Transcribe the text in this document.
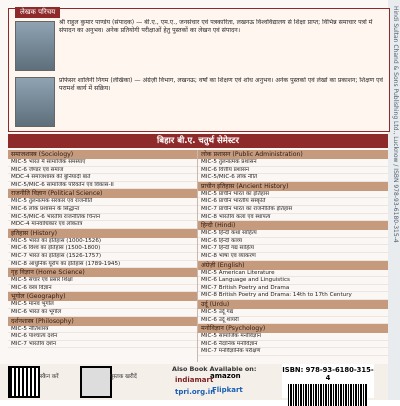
Hindi Sultan Chand & Sons Publishing Ltd., Lucknow / ISBN 978-93-6180-315-4
लेखक परिचय
श्री राहुल कुमार पाण्डेय (संपादक) — बी.ए., एम.ए., जनसंचार एवं पत्रकारिता, लखनऊ विश्वविद्यालय से शिक्षा प्राप्त; विभिन्न समाचार पत्रों में संपादन का अनुभव। अनेक प्रतियोगी परीक्षाओं हेतु पुस्तकों का लेखन एवं संपादन।
प्रोफेसर शालिनी निगम (लेखिका) — अंग्रेज़ी विभाग, लखनऊ; वर्षों का शिक्षण एवं शोध अनुभव। अनेक पुस्तकों एवं लेखों का प्रकाशन; शिक्षण एवं परामर्श कार्य में सक्रिय।
बिहार बी.ए. चतुर्थ सेमेस्टर
समाजशास्त्र (Sociology)
MIC-5 भारत में सामाजिक समस्याएं
MIC-6 जेण्डर एवं समाज
MDC-4 समाजशास्त्र की बुनियादी बातें
MIC-5/MIC-6 सामाजिक परिवर्तन एवं विकास-II
राजनीति विज्ञान (Political Science)
MIC-5 तुलनात्मक सरकार एवं राजनीति
MIC-6 लोक प्रशासन के सिद्धान्त
MIC-5/MIC-6 भारतीय राजनीतिक चिन्तन
MDC-4 मानवाधिकार एवं लोकतंत्र
इतिहास (History)
MIC-5 भारत का इतिहास (1000-1526)
MIC-6 विश्व का इतिहास (1500-1800)
MIC-7 भारत का इतिहास (1526-1757)
MIC-8 आधुनिक यूरोप का इतिहास (1789-1945)
गृह विज्ञान (Home Science)
MIC-5 संचार एवं प्रसार शिक्षा
MIC-6 वस्त्र विज्ञान
भूगोल (Geography)
MIC-5 मानव भूगोल
MIC-6 भारत का भूगोल
दर्शनशास्त्र (Philosophy)
MIC-5 नीतिशास्त्र
MIC-6 पाश्चात्य दर्शन
MIC-7 भारतीय दर्शन
लोक प्रशासन (Public Administration)
MIC-5 तुलनात्मक प्रशासन
MIC-6 वित्तीय प्रशासन
MIC-5/MIC-6 लोक नीति
प्राचीन इतिहास (Ancient History)
MIC-5 प्राचीन भारत का इतिहास
MIC-6 प्राचीन भारतीय संस्कृति
MIC-7 प्राचीन भारत का राजनीतिक इतिहास
MIC-8 भारतीय कला एवं स्थापत्य
हिन्दी (Hindi)
MIC-5 हिन्दी कथा साहित्य
MIC-6 हिन्दी काव्य
MIC-7 हिन्दी गद्य साहित्य
MIC-8 भाषा एवं व्याकरण
अंग्रेज़ी (English)
MIC-5 American Literature
MIC-6 Language and Linguistics
MIC-7 British Poetry and Drama
MIC-8 British Poetry and Drama: 14th to 17th Century
उर्दू (Urdu)
MIC-5 उर्दू गद्य
MIC-6 उर्दू शायरी
मनोविज्ञान (Psychology)
MIC-5 सामाजिक मनोविज्ञान
MIC-6 नैदानिक मनोविज्ञान
MIC-7 मनोवैज्ञानिक परीक्षण
स्कैन करें	पुस्तक खरीदें
Also Book Available on:
amazon
indiamart
Flipkart
tpri.org.in
ISBN: 978-93-6180-315-4
